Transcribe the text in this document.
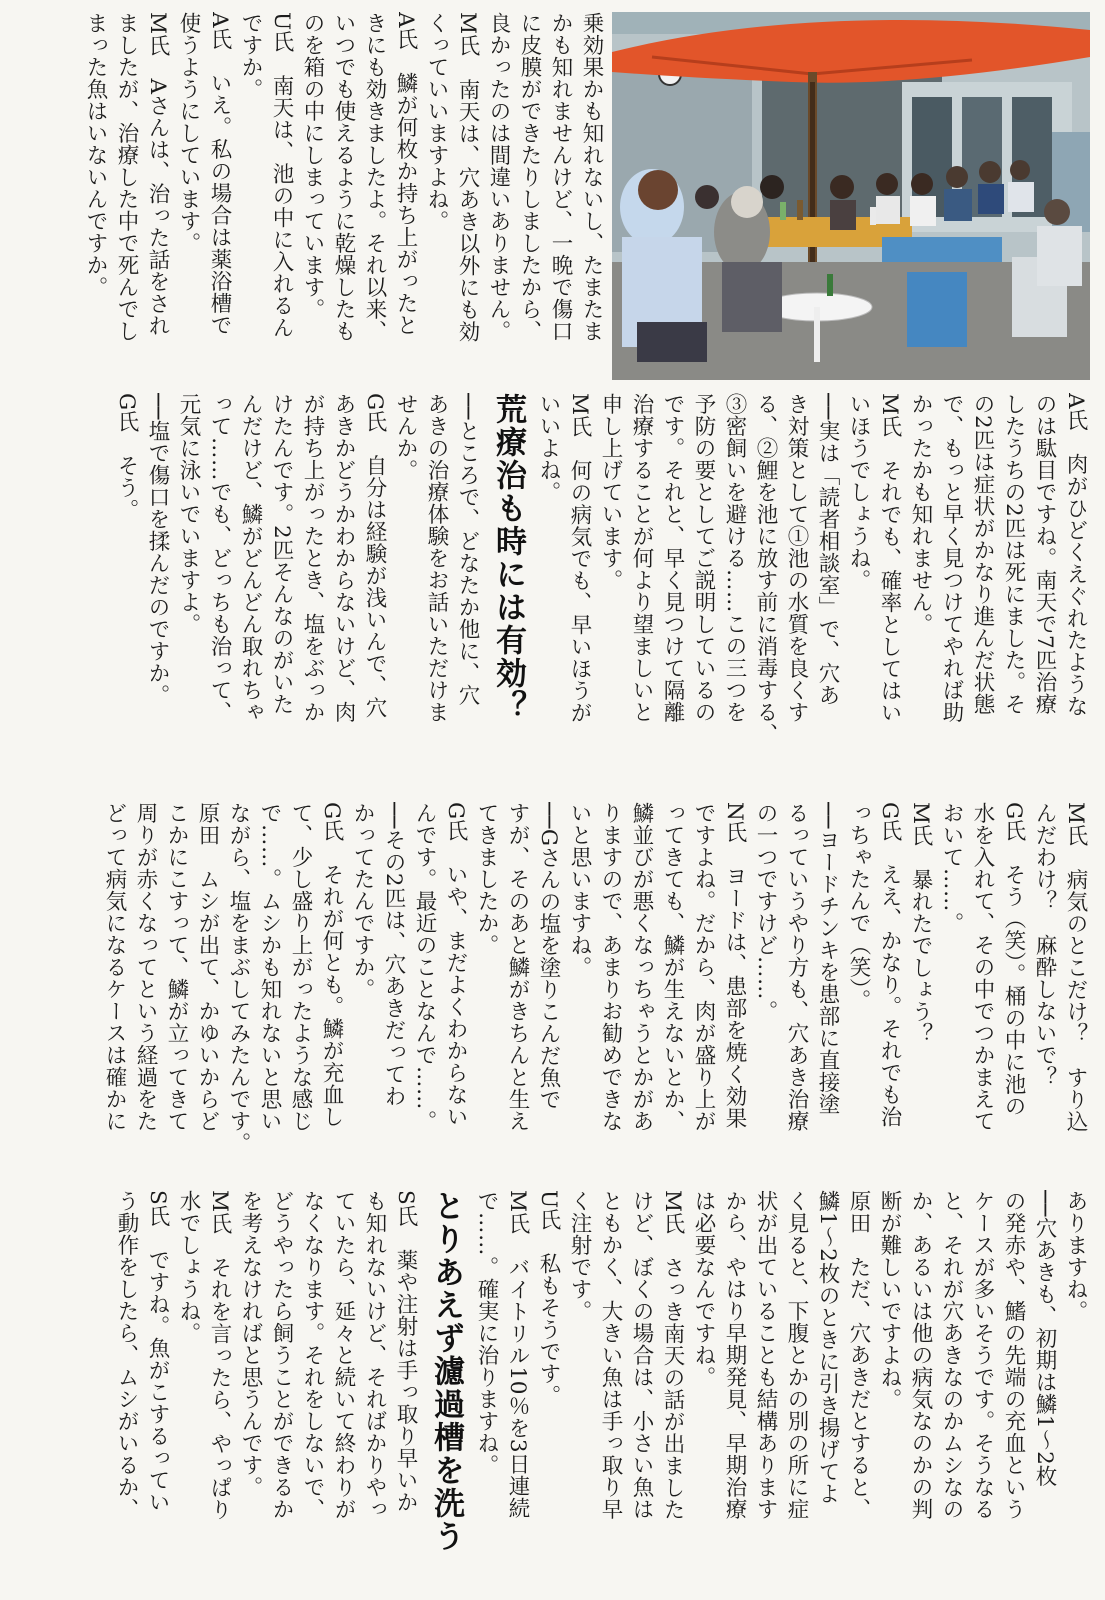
乗効果かも知れないし、たまたま
かも知れませんけど、一晩で傷口
に皮膜ができたりしましたから、
良かったのは間違いありません。
M氏　南天は、穴あき以外にも効
くっていいますよね。
A氏　鱗が何枚か持ち上がったと
きにも効きましたよ。それ以来、
いつでも使えるように乾燥したも
のを箱の中にしまっています。
U氏　南天は、池の中に入れるん
ですか。
A氏　いえ。私の場合は薬浴槽で
使うようにしています。
M氏　Aさんは、治った話をされ
ましたが、治療した中で死んでし
まった魚はいないんですか。
A氏　肉がひどくえぐれたような
のは駄目ですね。南天で7匹治療
したうちの2匹は死にました。そ
の2匹は症状がかなり進んだ状態
で、もっと早く見つけてやれば助
かったかも知れません。
M氏　それでも、確率としてはい
いほうでしょうね。
──実は「読者相談室」で、穴あ
き対策として①池の水質を良くす
る、②鯉を池に放す前に消毒する、
③密飼いを避ける……この三つを
予防の要としてご説明しているの
です。それと、早く見つけて隔離
治療することが何より望ましいと
申し上げています。
M氏　何の病気でも、早いほうが
いいよね。
荒療治も時には有効？
──ところで、どなたか他に、穴
あきの治療体験をお話いただけま
せんか。
G氏　自分は経験が浅いんで、穴
あきかどうかわからないけど、肉
が持ち上がったとき、塩をぶっか
けたんです。2匹そんなのがいた
んだけど、鱗がどんどん取れちゃ
って……でも、どっちも治って、
元気に泳いでいますよ。
──塩で傷口を揉んだのですか。
G氏　そう。
M氏　病気のとこだけ？　すり込
んだわけ？　麻酔しないで？
G氏　そう（笑）。桶の中に池の
水を入れて、その中でつかまえて
おいて……。
M氏　暴れたでしょう？
G氏　ええ、かなり。それでも治
っちゃたんで（笑）。
──ヨードチンキを患部に直接塗
るっていうやり方も、穴あき治療
の一つですけど……。
N氏　ヨードは、患部を焼く効果
ですよね。だから、肉が盛り上が
ってきても、鱗が生えないとか、
鱗並びが悪くなっちゃうとかがあ
りますので、あまりお勧めできな
いと思いますね。
──Gさんの塩を塗りこんだ魚で
すが、そのあと鱗がきちんと生え
てきましたか。
G氏　いや、まだよくわからない
んです。最近のことなんで……。
──その2匹は、穴あきだってわ
かってたんですか。
G氏　それが何とも。鱗が充血し
て、少し盛り上がったような感じ
で……。ムシかも知れないと思い
ながら、塩をまぶしてみたんです。
原田　ムシが出て、かゆいからど
こかにこすって、鱗が立ってきて
周りが赤くなってという経過をた
どって病気になるケースは確かに
ありますね。
──穴あきも、初期は鱗1～2枚
の発赤や、鰭の先端の充血という
ケースが多いそうです。そうなる
と、それが穴あきなのかムシなの
か、あるいは他の病気なのかの判
断が難しいですよね。
原田　ただ、穴あきだとすると、
鱗1～2枚のときに引き揚げてよ
く見ると、下腹とかの別の所に症
状が出ていることも結構あります
から、やはり早期発見、早期治療
は必要なんですね。
M氏　さっき南天の話が出ました
けど、ぼくの場合は、小さい魚は
ともかく、大きい魚は手っ取り早
く注射です。
U氏　私もそうです。
M氏　バイトリル10％を3日連続
で……。確実に治りますね。
とりあえず濾過槽を洗う
S氏　薬や注射は手っ取り早いか
も知れないけど、そればかりやっ
ていたら、延々と続いて終わりが
なくなります。それをしないで、
どうやったら飼うことができるか
を考えなければと思うんです。
M氏　それを言ったら、やっぱり
水でしょうね。
S氏　ですね。魚がこするってい
う動作をしたら、ムシがいるか、
